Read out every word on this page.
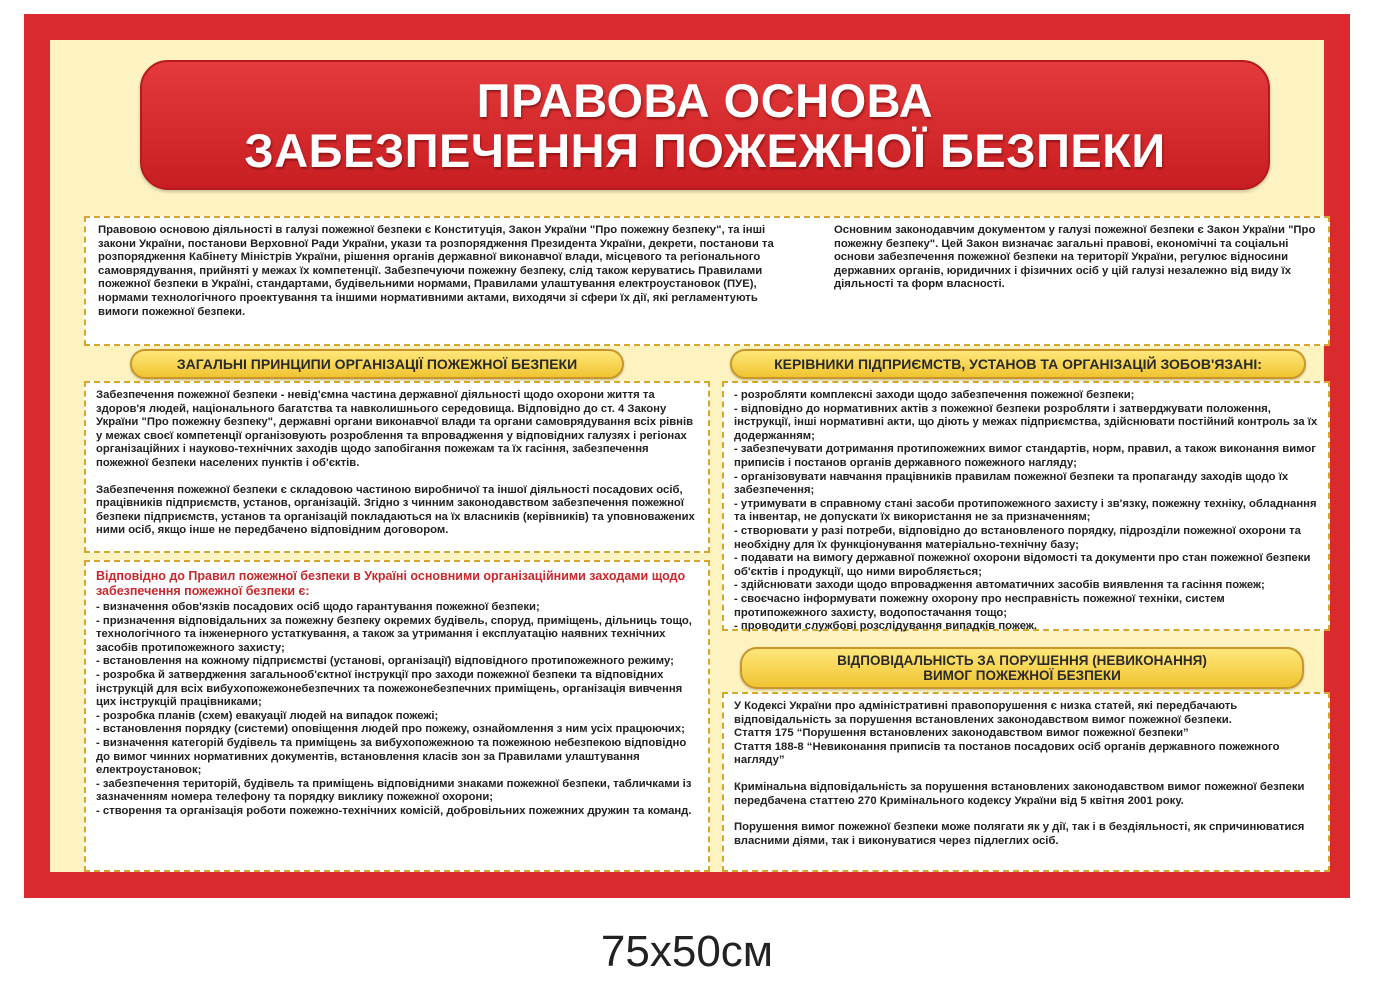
ПРАВОВА ОСНОВА
ЗАБЕЗПЕЧЕННЯ ПОЖЕЖНОЇ БЕЗПЕКИ

Правовою основою діяльності в галузі пожежної безпеки є Конституція, Закон України "Про пожежну безпеку", та інші закони України, постанови Верховної Ради України, укази та розпорядження Президента України, декрети, постанови та розпорядження Кабінету Міністрів України, рішення органів державної виконавчої влади, місцевого та регіонального самоврядування, прийняті у межах їх компетенції. Забезпечуючи пожежну безпеку, слід також керуватись Правилами пожежної безпеки в Україні, стандартами, будівельними нормами, Правилами улаштування електроустановок (ПУЕ), нормами технологічного проектування та іншими нормативними актами, виходячи зі сфери їх дії, які регламентують вимоги пожежної безпеки.

Основним законодавчим документом у галузі пожежної безпеки є Закон України "Про пожежну безпеку". Цей Закон визначає загальні правові, економічні та соціальні основи забезпечення пожежної безпеки на території України, регулює відносини державних органів, юридичних і фізичних осіб у цій галузі незалежно від виду їх діяльності та форм власності.

ЗАГАЛЬНІ ПРИНЦИПИ ОРГАНІЗАЦІЇ ПОЖЕЖНОЇ БЕЗПЕКИ

Забезпечення пожежної безпеки - невід'ємна частина державної діяльності щодо охорони життя та здоров'я людей, національного багатства та навколишнього середовища. Відповідно до ст. 4 Закону України "Про пожежну безпеку", державні органи виконавчої влади та органи самоврядування всіх рівнів у межах своєї компетенції організовують розроблення та впровадження у відповідних галузях і регіонах організаційних і науково-технічних заходів щодо запобігання пожежам та їх гасіння, забезпечення пожежної безпеки населених пунктів і об'єктів.

Забезпечення пожежної безпеки є складовою частиною виробничої та іншої діяльності посадових осіб, працівників підприємств, установ, організацій. Згідно з чинним законодавством забезпечення пожежної безпеки підприємств, установ та організацій покладаються на їх власників (керівників) та уповноважених ними осіб, якщо інше не передбачено відповідним договором.

Відповідно до Правил пожежної безпеки в Україні основними організаційними заходами щодо забезпечення пожежної безпеки є:

- визначення обов'язків посадових осіб щодо гарантування пожежної безпеки;
- призначення відповідальних за пожежну безпеку окремих будівель, споруд, приміщень, дільниць тощо, технологічного та інженерного устаткування, а також за утримання і експлуатацію наявних технічних засобів протипожежного захисту;
- встановлення на кожному підприємстві (установі, організації) відповідного протипожежного режиму;
- розробка й затвердження загальнооб'єктної інструкції про заходи пожежної безпеки та відповідних інструкцій для всіх вибухопожежонебезпечних та пожежонебезпечних приміщень, організація вивчення цих інструкцій працівниками;
- розробка планів (схем) евакуації людей на випадок пожежі;
- встановлення порядку (системи) оповіщення людей про пожежу, ознайомлення з ним усіх працюючих;
- визначення категорій будівель та приміщень за вибухопожежною та пожежною небезпекою відповідно до вимог чинних нормативних документів, встановлення класів зон за Правилами улаштування електроустановок;
- забезпечення територій, будівель та приміщень відповідними знаками пожежної безпеки, табличками із зазначенням номера телефону та порядку виклику пожежної охорони;
- створення та організація роботи пожежно-технічних комісій, добровільних пожежних дружин та команд.
КЕРІВНИКИ ПІДПРИЄМСТВ, УСТАНОВ ТА ОРГАНІЗАЦІЙ ЗОБОВ'ЯЗАНІ:
- розробляти комплексні заходи щодо забезпечення пожежної безпеки;
- відповідно до нормативних актів з пожежної безпеки розробляти і затверджувати положення, інструкції, інші нормативні акти, що діють у межах підприємства, здійснювати постійний контроль за їх додержанням;
- забезпечувати дотримання протипожежних вимог стандартів, норм, правил, а також виконання вимог приписів і постанов органів державного пожежного нагляду;
- організовувати навчання працівників правилам пожежної безпеки та пропаганду заходів щодо їх забезпечення;
- утримувати в справному стані засоби протипожежного захисту і зв'язку, пожежну техніку, обладнання та інвентар, не допускати їх використання не за призначенням;
- створювати у разі потреби, відповідно до встановленого порядку, підрозділи пожежної охорони та необхідну для їх функціонування матеріально-технічну базу;
- подавати на вимогу державної пожежної охорони відомості та документи про стан пожежної безпеки об'єктів і продукції, що ними виробляється;
- здійснювати заходи щодо впровадження автоматичних засобів виявлення та гасіння пожеж;
- своєчасно інформувати пожежну охорону про несправність пожежної техніки, систем протипожежного захисту, водопостачання тощо;
- проводити службові розслідування випадків пожеж.
ВІДПОВІДАЛЬНІСТЬ ЗА ПОРУШЕННЯ (НЕВИКОНАННЯ)
ВИМОГ ПОЖЕЖНОЇ БЕЗПЕКИ

У Кодексі України про адміністративні правопорушення є низка статей, які передбачають відповідальність за порушення встановлених законодавством вимог пожежної безпеки.

Стаття 175 “Порушення встановлених законодавством вимог пожежної безпеки”

Стаття 188-8 “Невиконання приписів та постанов посадових осіб органів державного пожежного нагляду”

Кримінальна відповідальність за порушення встановлених законодавством вимог пожежної безпеки передбачена статтею 270 Кримінального кодексу України від 5 квітня 2001 року.

Порушення вимог пожежної безпеки може полягати як у дії, так і в бездіяльності, як спричинюватися власними діями, так і виконуватися через підлеглих осіб.

75х50см
